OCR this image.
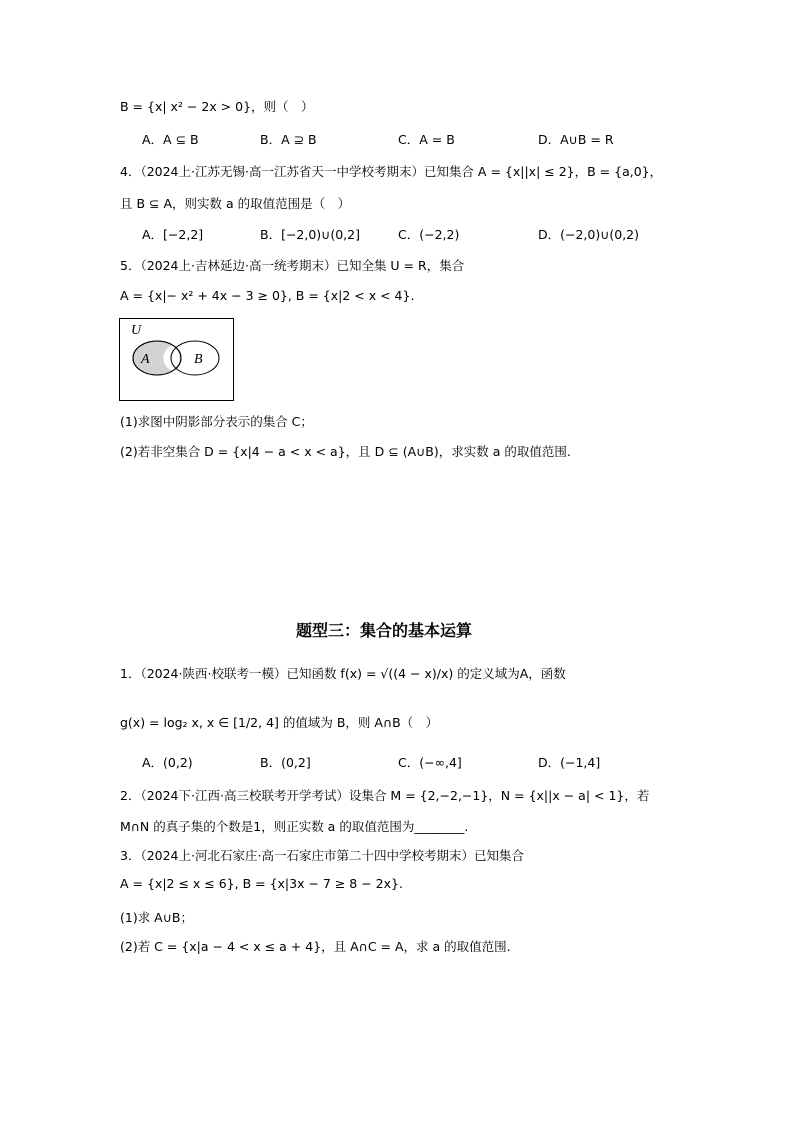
B = {x| x² − 2x > 0}，则（　）
A．A ⊆ B	B．A ⊇ B	C．A = B	D．A∪B = R
4．（2024上·江苏无锡·高一江苏省天一中学校考期末）已知集合 A = {x||x| ≤ 2}，B = {a,0}，
且 B ⊆ A，则实数 a 的取值范围是（　）
A．[−2,2]	B．[−2,0)∪(0,2]	C．(−2,2)	D．(−2,0)∪(0,2)
5．（2024上·吉林延边·高一统考期末）已知全集 U = R，集合
A = {x|− x² + 4x − 3 ≥ 0}, B = {x|2 < x < 4}.
U
A	B
(1)求图中阴影部分表示的集合 C；
(2)若非空集合 D = {x|4 − a < x < a}，且 D ⊆ (A∪B)，求实数 a 的取值范围.
题型三：集合的基本运算
1．（2024·陕西·校联考一模）已知函数 f(x) = √((4 − x)/x) 的定义域为A，函数
g(x) = log₂ x, x ∈ [1/2, 4] 的值域为 B，则 A∩B（　）
A．(0,2)	B．(0,2]	C．(−∞,4]	D．(−1,4]
2．（2024下·江西·高三校联考开学考试）设集合 M = {2,−2,−1}，N = {x||x − a| < 1}，若
M∩N 的真子集的个数是1，则正实数 a 的取值范围为________.
3．（2024上·河北石家庄·高一石家庄市第二十四中学校考期末）已知集合
A = {x|2 ≤ x ≤ 6}, B = {x|3x − 7 ≥ 8 − 2x}.
(1)求 A∪B；
(2)若 C = {x|a − 4 < x ≤ a + 4}，且 A∩C = A，求 a 的取值范围.
